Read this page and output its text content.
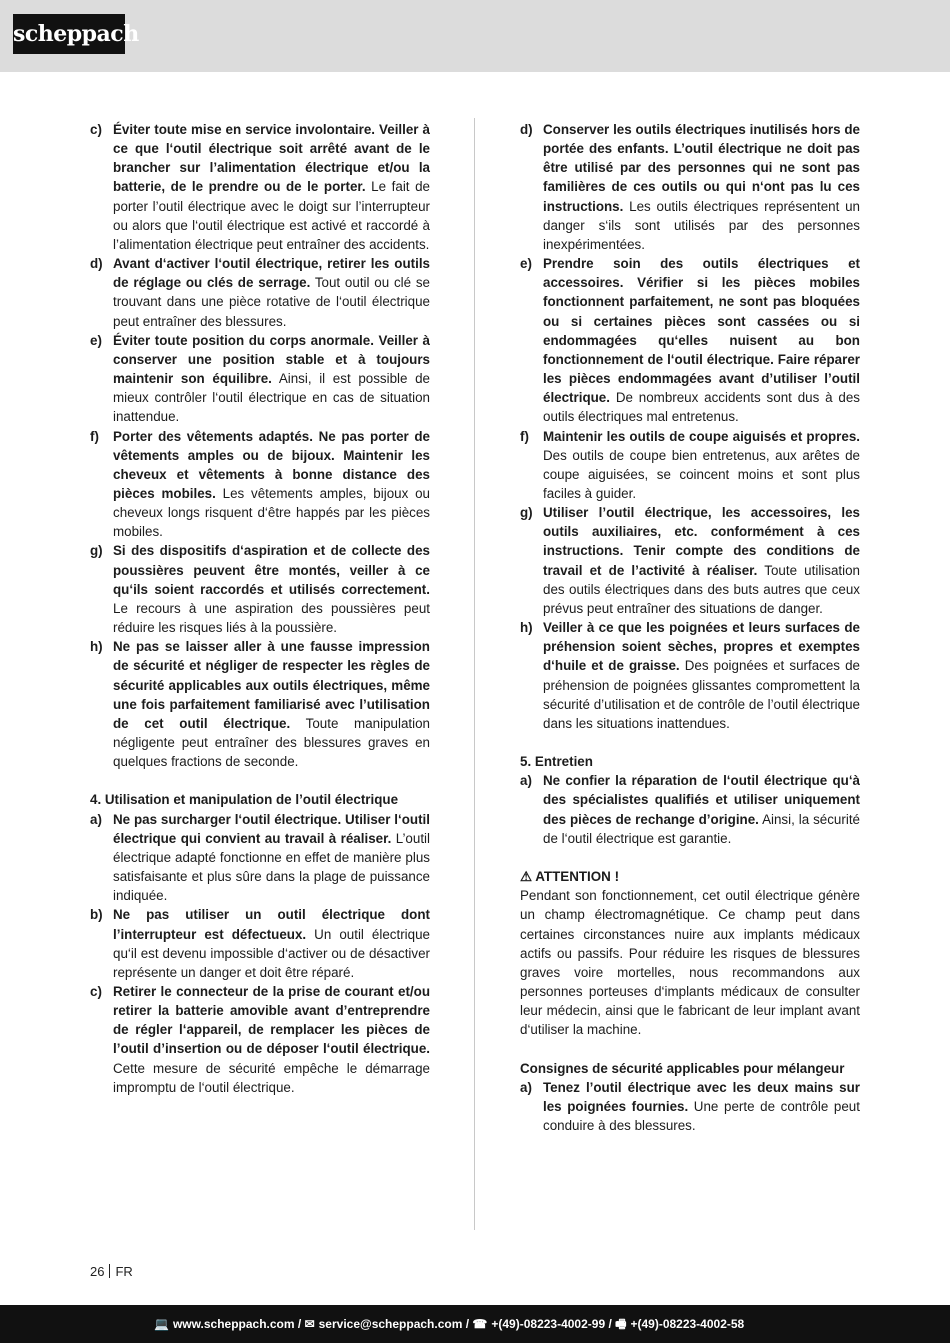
scheppach
c) Éviter toute mise en service involontaire. Veiller à ce que l‘outil électrique soit arrêté avant de le brancher sur l’alimentation électrique et/ou la batterie, de le prendre ou de le porter. Le fait de porter l’outil électrique avec le doigt sur l’interrupteur ou alors que l‘outil électrique est activé et raccordé à l’alimentation électrique peut entraîner des accidents.
d) Avant d‘activer l‘outil électrique, retirer les outils de réglage ou clés de serrage. Tout outil ou clé se trouvant dans une pièce rotative de l‘outil électrique peut entraîner des blessures.
e) Éviter toute position du corps anormale. Veiller à conserver une position stable et à toujours maintenir son équilibre. Ainsi, il est possible de mieux contrôler l‘outil électrique en cas de situation inattendue.
f)	Porter des vêtements adaptés. Ne pas porter de vêtements amples ou de bijoux. Maintenir les cheveux et vêtements à bonne distance des pièces mobiles. Les vêtements amples, bijoux ou cheveux longs risquent d‘être happés par les pièces mobiles.
g) Si des dispositifs d‘aspiration et de collecte des poussières peuvent être montés, veiller à ce qu‘ils soient raccordés et utilisés correctement. Le recours à une aspiration des poussières peut réduire les risques liés à la poussière.
h) Ne pas se laisser aller à une fausse impression de sécurité et négliger de respecter les règles de sécurité applicables aux outils électriques, même une fois parfaitement familiarisé avec l’utilisation de cet outil électrique. Toute manipulation négligente peut entraîner des blessures graves en quelques fractions de seconde.
4. Utilisation et manipulation de l’outil électrique
a) Ne pas surcharger l‘outil électrique. Utiliser l‘outil électrique qui convient au travail à réaliser. L’outil électrique adapté fonctionne en effet de manière plus satisfaisante et plus sûre dans la plage de puissance indiquée.
b) Ne pas utiliser un outil électrique dont l’interrupteur est défectueux. Un outil électrique qu‘il est devenu impossible d‘activer ou de désactiver représente un danger et doit être réparé.
c) Retirer le connecteur de la prise de courant et/ou retirer la batterie amovible avant d’entreprendre de régler l‘appareil, de remplacer les pièces de l’outil d’insertion ou de déposer l‘outil électrique. Cette mesure de sécurité empêche le démarrage impromptu de l‘outil électrique.
d) Conserver les outils électriques inutilisés hors de portée des enfants. L’outil électrique ne doit pas être utilisé par des personnes qui ne sont pas familières de ces outils ou qui n‘ont pas lu ces instructions. Les outils électriques représentent un danger s‘ils sont utilisés par des personnes inexpérimentées.
e) Prendre soin des outils électriques et accessoires. Vérifier si les pièces mobiles fonctionnent parfaitement, ne sont pas bloquées ou si certaines pièces sont cassées ou si endommagées qu‘elles nuisent au bon fonctionnement de l‘outil électrique. Faire réparer les pièces endommagées avant d’utiliser l’outil électrique. De nombreux accidents sont dus à des outils électriques mal entretenus.
f)	Maintenir les outils de coupe aiguisés et propres. Des outils de coupe bien entretenus, aux arêtes de coupe aiguisées, se coincent moins et sont plus faciles à guider.
g) Utiliser l’outil électrique, les accessoires, les outils auxiliaires, etc. conformément à ces instructions. Tenir compte des conditions de travail et de l’activité à réaliser. Toute utilisation des outils électriques dans des buts autres que ceux prévus peut entraîner des situations de danger.
h) Veiller à ce que les poignées et leurs surfaces de préhension soient sèches, propres et exemptes d‘huile et de graisse. Des poignées et surfaces de préhension de poignées glissantes compromettent la sécurité d’utilisation et de contrôle de l’outil électrique dans les situations inattendues.
5. Entretien
a) Ne confier la réparation de l‘outil électrique qu‘à des spécialistes qualifiés et utiliser uniquement des pièces de rechange d’origine. Ainsi, la sécurité de l‘outil électrique est garantie.
⚠ ATTENTION !
Pendant son fonctionnement, cet outil électrique génère un champ électromagnétique. Ce champ peut dans certaines circonstances nuire aux implants médicaux actifs ou passifs. Pour réduire les risques de blessures graves voire mortelles, nous recommandons aux personnes porteuses d‘implants médicaux de consulter leur médecin, ainsi que le fabricant de leur implant avant d‘utiliser la machine.
Consignes de sécurité applicables pour mélangeur
a) Tenez l’outil électrique avec les deux mains sur les poignées fournies. Une perte de contrôle peut conduire à des blessures.
26 FR
💻 www.scheppach.com / ✉ service@scheppach.com / ☎ +(49)-08223-4002-99 / 🖷 +(49)-08223-4002-58
